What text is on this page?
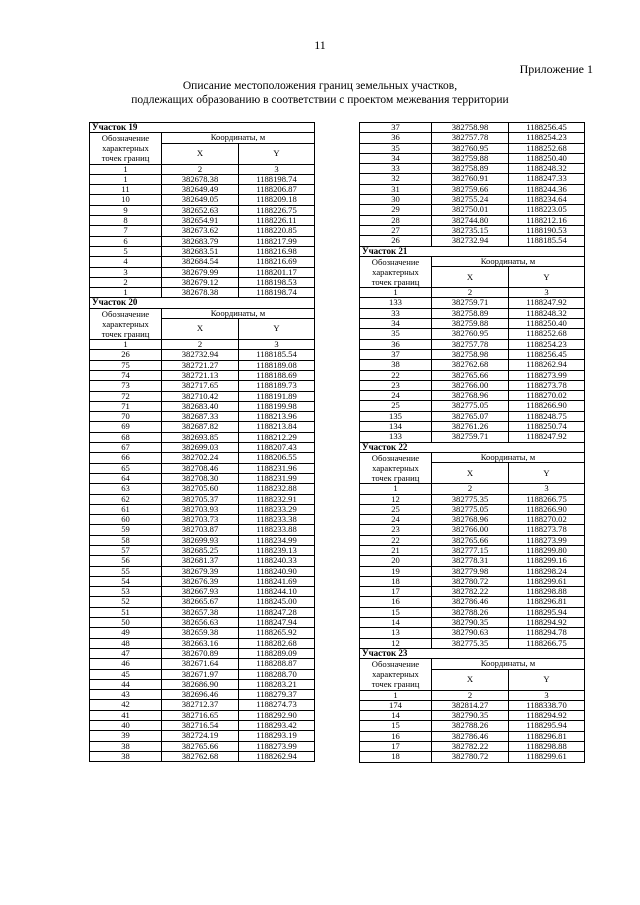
11
Приложение 1
Описание местоположения границ земельных участков,
подлежащих образованию в соответствии с проектом межевания территории
Участок 19		

Обозначение
характерных
точек границ	Координаты, м	
	X	Y
1	2	3
1	382678.38	1188198.74
11	382649.49	1188206.87
10	382649.05	1188209.18
9	382652.63	1188226.75
8	382654.91	1188226.11
7	382673.62	1188220.85
6	382683.79	1188217.99
5	382683.51	1188216.98
4	382684.54	1188216.69
3	382679.99	1188201.17
2	382679.12	1188198.53
1	382678.38	1188198.74
Участок 20		

Обозначение
характерных
точек границ	Координаты, м	
	X	Y
1	2	3
26	382732.94	1188185.54
75	382721.27	1188189.08
74	382721.13	1188188.69
73	382717.65	1188189.73
72	382710.42	1188191.89
71	382683.40	1188199.98
70	382687.33	1188213.96
69	382687.82	1188213.84
68	382693.85	1188212.29
67	382699.03	1188207.43
66	382702.24	1188206.55
65	382708.46	1188231.96
64	382708.30	1188231.99
63	382705.60	1188232.88
62	382705.37	1188232.91
61	382703.93	1188233.29
60	382703.73	1188233.38
59	382703.87	1188233.88
58	382699.93	1188234.99
57	382685.25	1188239.13
56	382681.37	1188240.33
55	382679.39	1188240.90
54	382676.39	1188241.69
53	382667.93	1188244.10
52	382665.67	1188245.00
51	382657.38	1188247.28
50	382656.63	1188247.94
49	382659.38	1188265.92
48	382663.16	1188282.68
47	382670.89	1188289.09
46	382671.64	1188288.87
45	382671.97	1188288.70
44	382686.90	1188283.21
43	382696.46	1188279.37
42	382712.37	1188274.73
41	382716.65	1188292.90
40	382716.54	1188293.42
39	382724.19	1188293.19
38	382765.66	1188273.99
38	382762.68	1188262.94
37	382758.98	1188256.45
36	382757.78	1188254.23
35	382760.95	1188252.68
34	382759.88	1188250.40
33	382758.89	1188248.32
32	382760.91	1188247.33
31	382759.66	1188244.36
30	382755.24	1188234.64
29	382750.01	1188223.05
28	382744.80	1188212.16
27	382735.15	1188190.53
26	382732.94	1188185.54
Участок 21		

Обозначение
характерных
точек границ	Координаты, м	
	X	Y
1	2	3
133	382759.71	1188247.92
33	382758.89	1188248.32
34	382759.88	1188250.40
35	382760.95	1188252.68
36	382757.78	1188254.23
37	382758.98	1188256.45
38	382762.68	1188262.94
22	382765.66	1188273.99
23	382766.00	1188273.78
24	382768.96	1188270.02
25	382775.05	1188266.90
135	382765.07	1188248.75
134	382761.26	1188250.74
133	382759.71	1188247.92
Участок 22		

Обозначение
характерных
точек границ	Координаты, м	
	X	Y
1	2	3
12	382775.35	1188266.75
25	382775.05	1188266.90
24	382768.96	1188270.02
23	382766.00	1188273.78
22	382765.66	1188273.99
21	382777.15	1188299.80
20	382778.31	1188299.16
19	382779.98	1188298.24
18	382780.72	1188299.61
17	382782.22	1188298.88
16	382786.46	1188296.81
15	382788.26	1188295.94
14	382790.35	1188294.92
13	382790.63	1188294.78
12	382775.35	1188266.75
Участок 23		

Обозначение
характерных
точек границ	Координаты, м	
	X	Y
1	2	3
174	382814.27	1188338.70
14	382790.35	1188294.92
15	382788.26	1188295.94
16	382786.46	1188296.81
17	382782.22	1188298.88
18	382780.72	1188299.61
